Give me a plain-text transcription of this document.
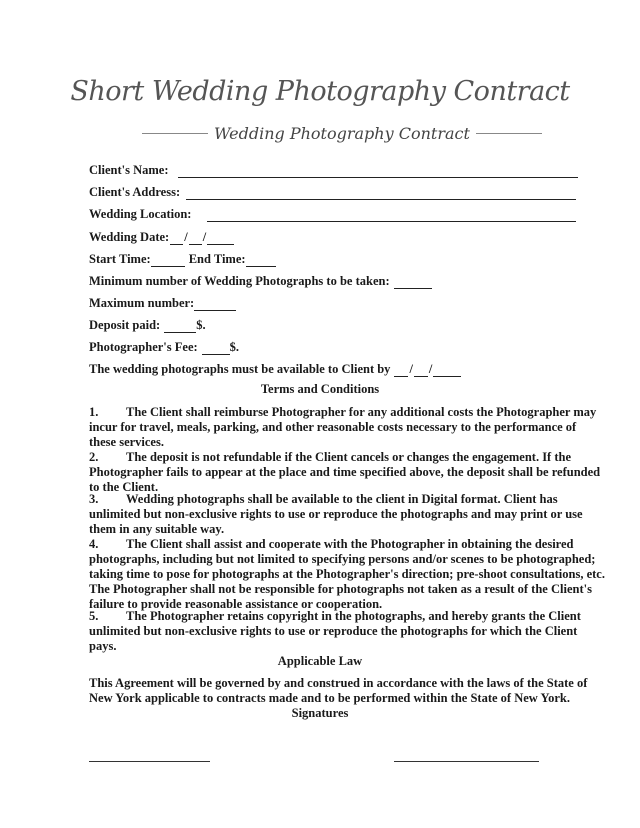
Short Wedding Photography Contract
Wedding Photography Contract
Client's Name:
Client's Address:
Wedding Location:
Wedding Date: / /
Start Time:	End Time:
Minimum number of Wedding Photographs to be taken:
Maximum number:
Deposit paid:	$.
Photographer's Fee:	$.
The wedding photographs must be available to Client by / /
Terms and Conditions
1. The Client shall reimburse Photographer for any additional costs the Photographer may incur for travel, meals, parking, and other reasonable costs necessary to the performance of these services.
2. The deposit is not refundable if the Client cancels or changes the engagement. If the Photographer fails to appear at the place and time specified above, the deposit shall be refunded to the Client.
3. Wedding photographs shall be available to the client in Digital format. Client has unlimited but non-exclusive rights to use or reproduce the photographs and may print or use them in any suitable way.
4. The Client shall assist and cooperate with the Photographer in obtaining the desired photographs, including but not limited to specifying persons and/or scenes to be photographed; taking time to pose for photographs at the Photographer's direction; pre-shoot consultations, etc. The Photographer shall not be responsible for photographs not taken as a result of the Client's failure to provide reasonable assistance or cooperation.
5. The Photographer retains copyright in the photographs, and hereby grants the Client unlimited but non-exclusive rights to use or reproduce the photographs for which the Client pays.
Applicable Law
This Agreement will be governed by and construed in accordance with the laws of the State of New York applicable to contracts made and to be performed within the State of New York.
Signatures
